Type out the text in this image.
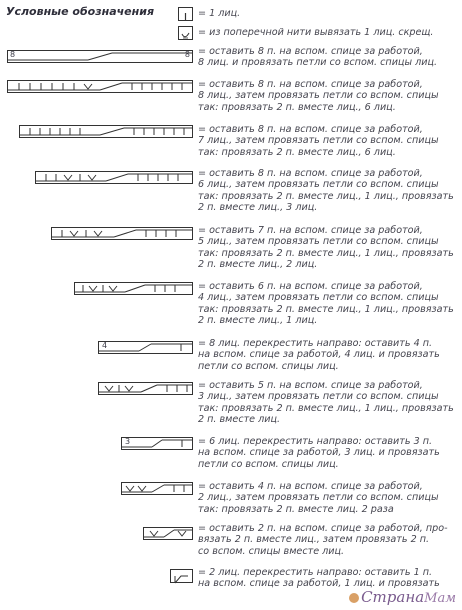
Условные обозначения	= 1 лиц.
= из поперечной нити вывязать 1 лиц. скрещ.
8	8 = оставить 8 п. на вспом. спице за работой,
8 лиц. и провязать петли со вспом. спицы лиц.
= оставить 8 п. на вспом. спице за работой,
8 лиц., затем провязать петли со вспом. спицы
так: провязать 2 п. вместе лиц., 6 лиц.
= оставить 8 п. на вспом. спице за работой,
7 лиц., затем провязать петли со вспом. спицы
так: провязать 2 п. вместе лиц., 6 лиц.
= оставить 8 п. на вспом. спице за работой,
6 лиц., затем провязать петли со вспом. спицы
так: провязать 2 п. вместе лиц., 1 лиц., провязать
2 п. вместе лиц., 3 лиц.
= оставить 7 п. на вспом. спице за работой,
5 лиц., затем провязать петли со вспом. спицы
так: провязать 2 п. вместе лиц., 1 лиц., провязать
2 п. вместе лиц., 2 лиц.
= оставить 6 п. на вспом. спице за работой,
4 лиц., затем провязать петли со вспом. спицы
так: провязать 2 п. вместе лиц., 1 лиц., провязать
2 п. вместе лиц., 1 лиц.
4	= 8 лиц. перекрестить направо: оставить 4 п.
на вспом. спице за работой, 4 лиц. и провязать
петли со вспом. спицы лиц.
= оставить 5 п. на вспом. спице за работой,
3 лиц., затем провязать петли со вспом. спицы
так: провязать 2 п. вместе лиц., 1 лиц., провязать
2 п. вместе лиц.
3	= 6 лиц. перекрестить направо: оставить 3 п.
на вспом. спице за работой, 3 лиц. и провязать
петли со вспом. спицы лиц.
= оставить 4 п. на вспом. спице за работой,
2 лиц., затем провязать петли со вспом. спицы
так: провязать 2 п. вместе лиц. 2 раза
= оставить 2 п. на вспом. спице за работой, про-
вязать 2 п. вместе лиц., затем провязать 2 п.
со вспом. спицы вместе лиц.
= 2 лиц. перекрестить направо: оставить 1 п.
на вспом. спице за работой, 1 лиц. и провязать
СтранаМам
